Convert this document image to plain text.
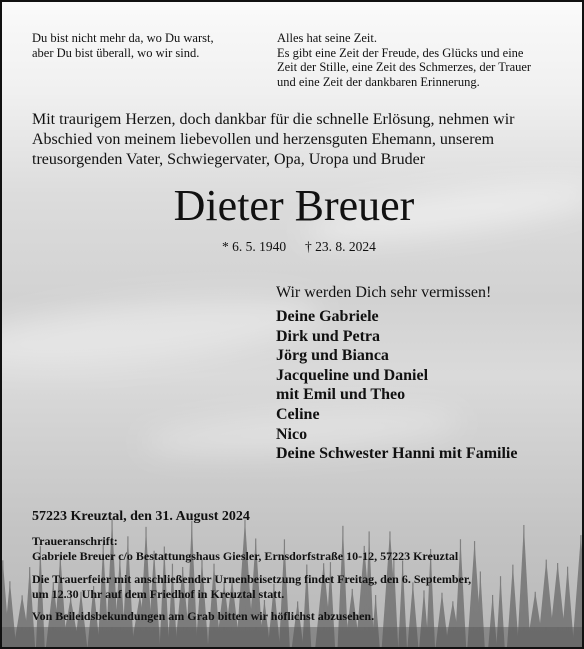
Du bist nicht mehr da, wo Du warst,
aber Du bist überall, wo wir sind.
Alles hat seine Zeit.
Es gibt eine Zeit der Freude, des Glücks und eine
Zeit der Stille, eine Zeit des Schmerzes, der Trauer
und eine Zeit der dankbaren Erinnerung.
Mit traurigem Herzen, doch dankbar für die schnelle Erlösung, nehmen wir
Abschied von meinem liebevollen und herzensguten Ehemann, unserem
treusorgenden Vater, Schwiegervater, Opa, Uropa und Bruder
Dieter Breuer
* 6. 5. 1940 † 23. 8. 2024
Wir werden Dich sehr vermissen!
Deine Gabriele
Dirk und Petra
Jörg und Bianca
Jacqueline und Daniel
mit Emil und Theo
Celine
Nico
Deine Schwester Hanni mit Familie
57223 Kreuztal, den 31. August 2024
Traueranschrift:
Gabriele Breuer c/o Bestattungshaus Giesler, Ernsdorfstraße 10-12, 57223 Kreuztal
Die Trauerfeier mit anschließender Urnenbeisetzung findet Freitag, den 6. September,
um 12.30 Uhr auf dem Friedhof in Kreuztal statt.
Von Beileidsbekundungen am Grab bitten wir höflichst abzusehen.
